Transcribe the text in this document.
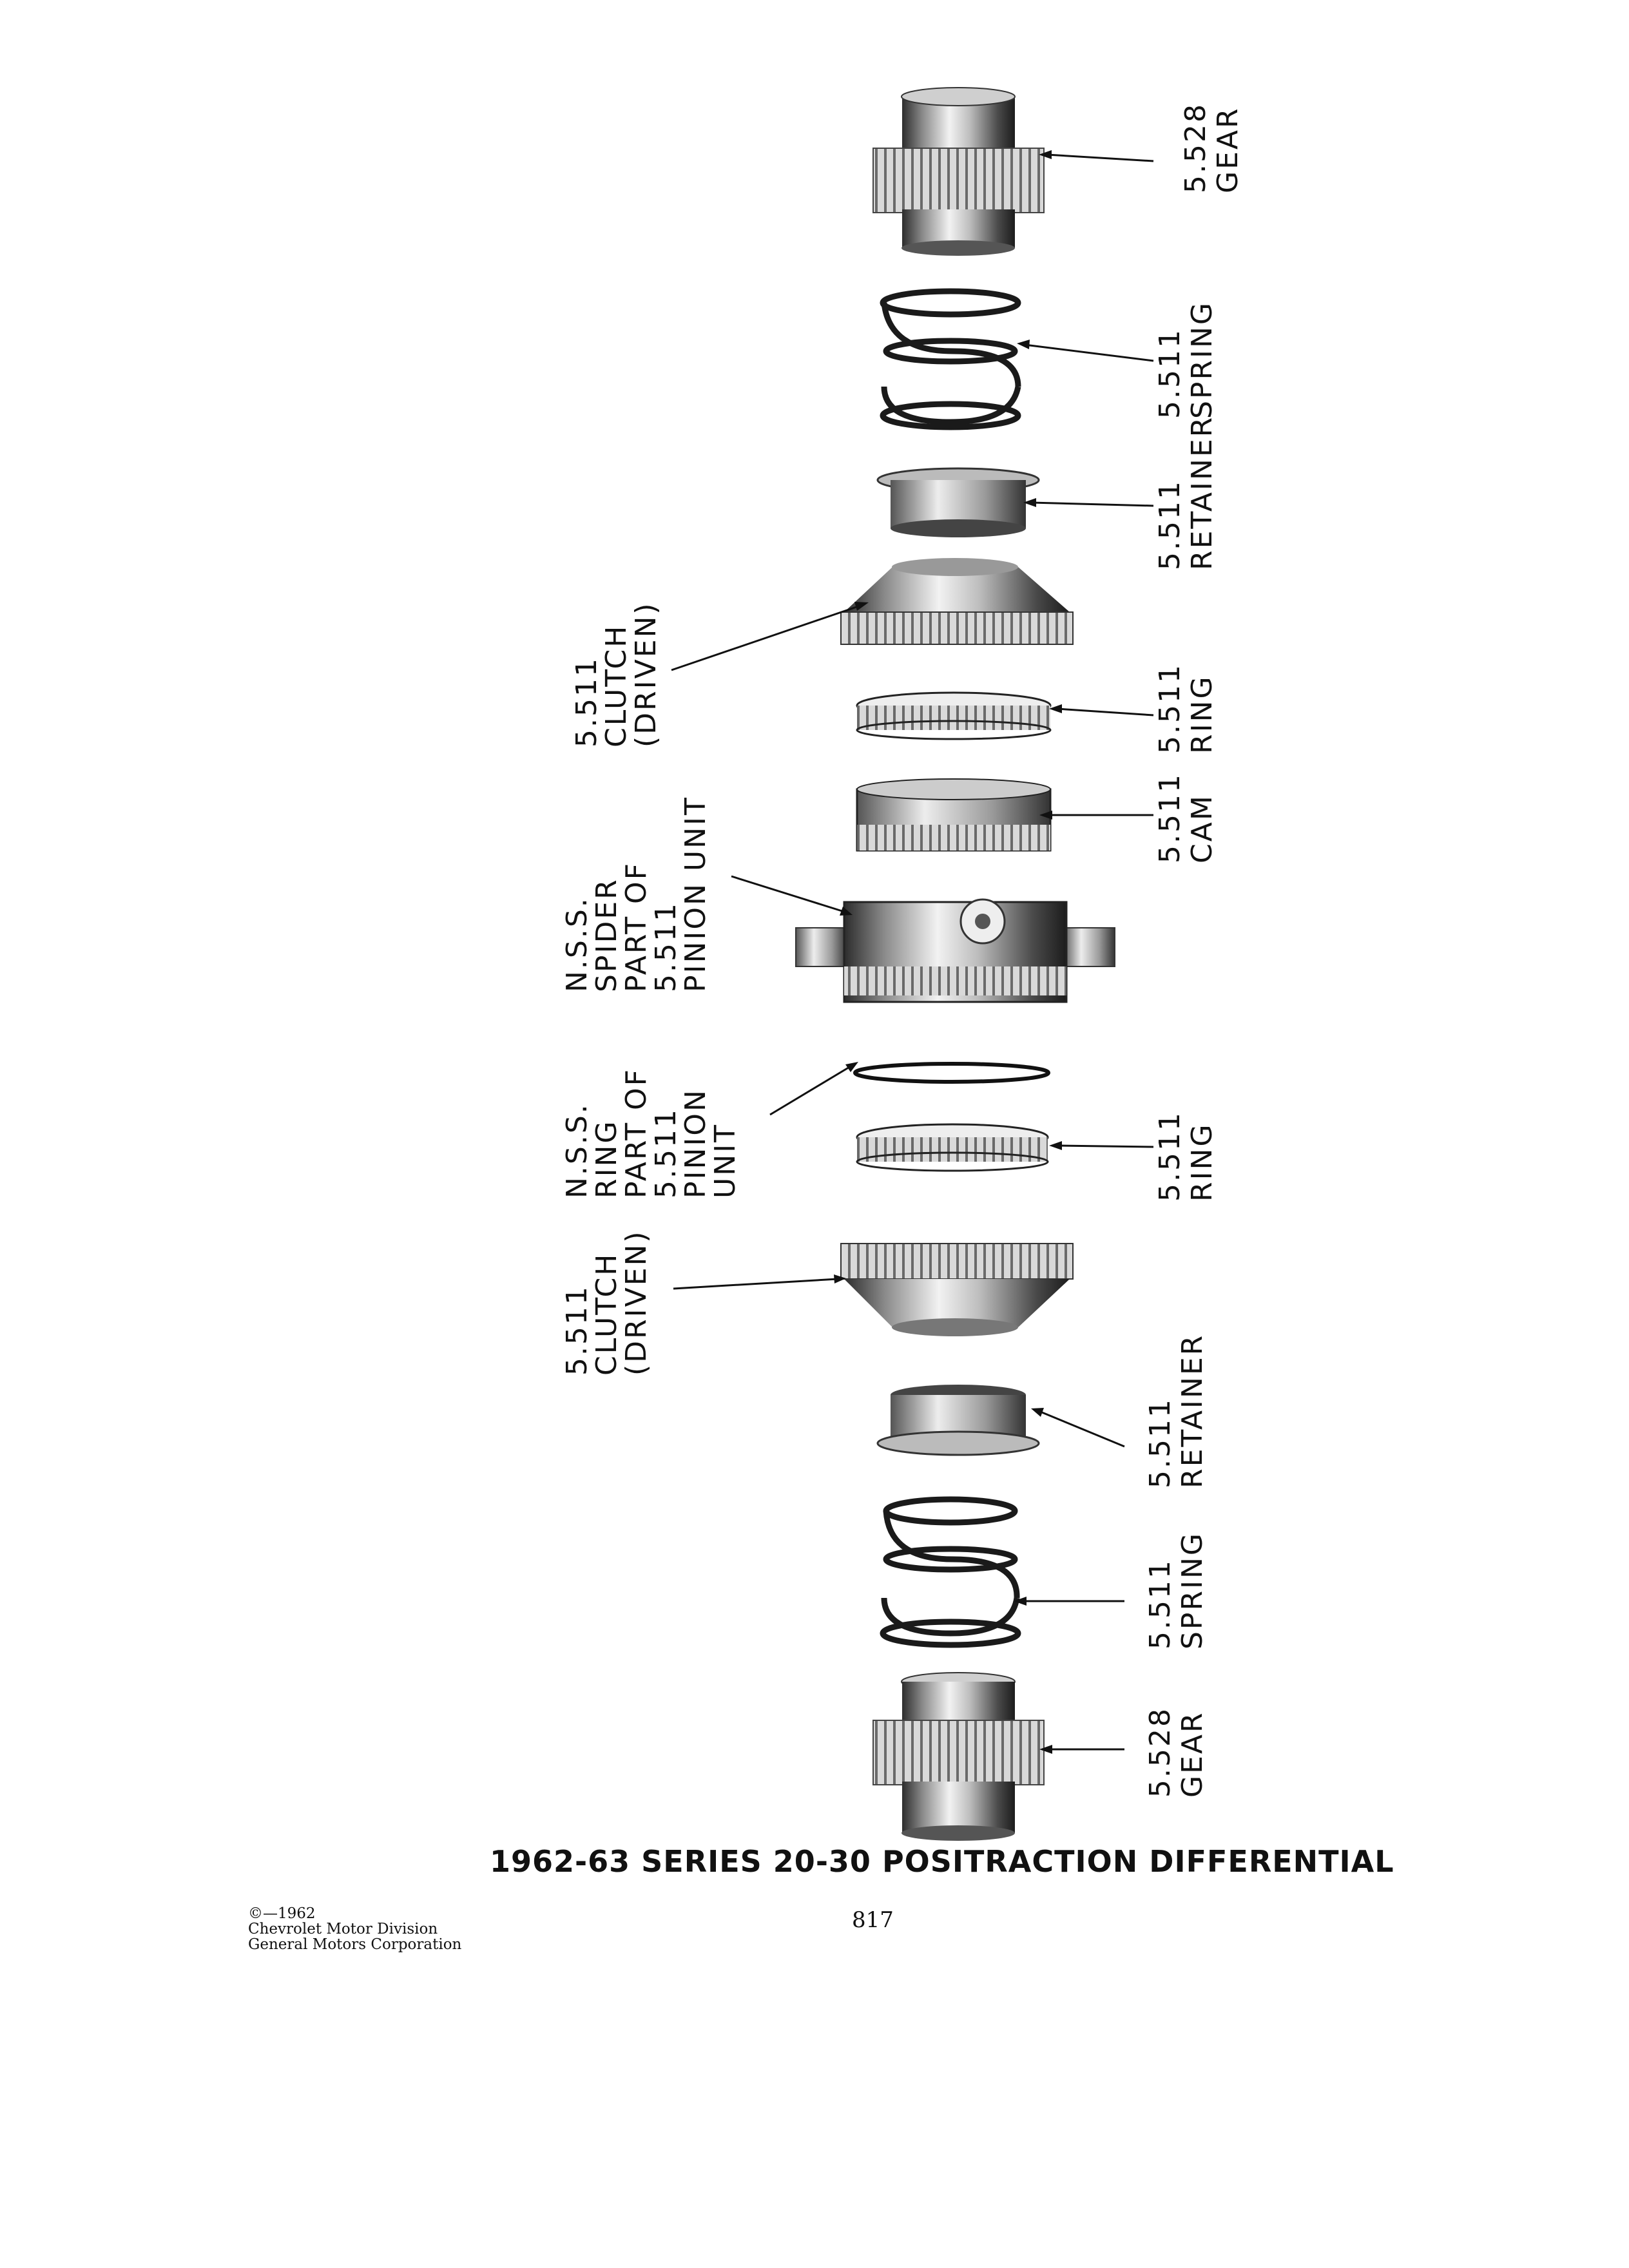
5.528GEAR
5.511SPRING
5.511RETAINER
5.511CLUTCH(DRIVEN)	5.511RING
5.511CAM
N.S.S.SPIDERPART OF5.511PINION UNIT
N.S.S.RINGPART OF5.511PINIONUNIT	5.511RING
5.511CLUTCH(DRIVEN)
5.511RETAINER
5.511SPRING
5.528GEAR
1962-63 SERIES 20-30 POSITRACTION DIFFERENTIAL
©—1962
Chevrolet Motor Division
General Motors Corporation
817
